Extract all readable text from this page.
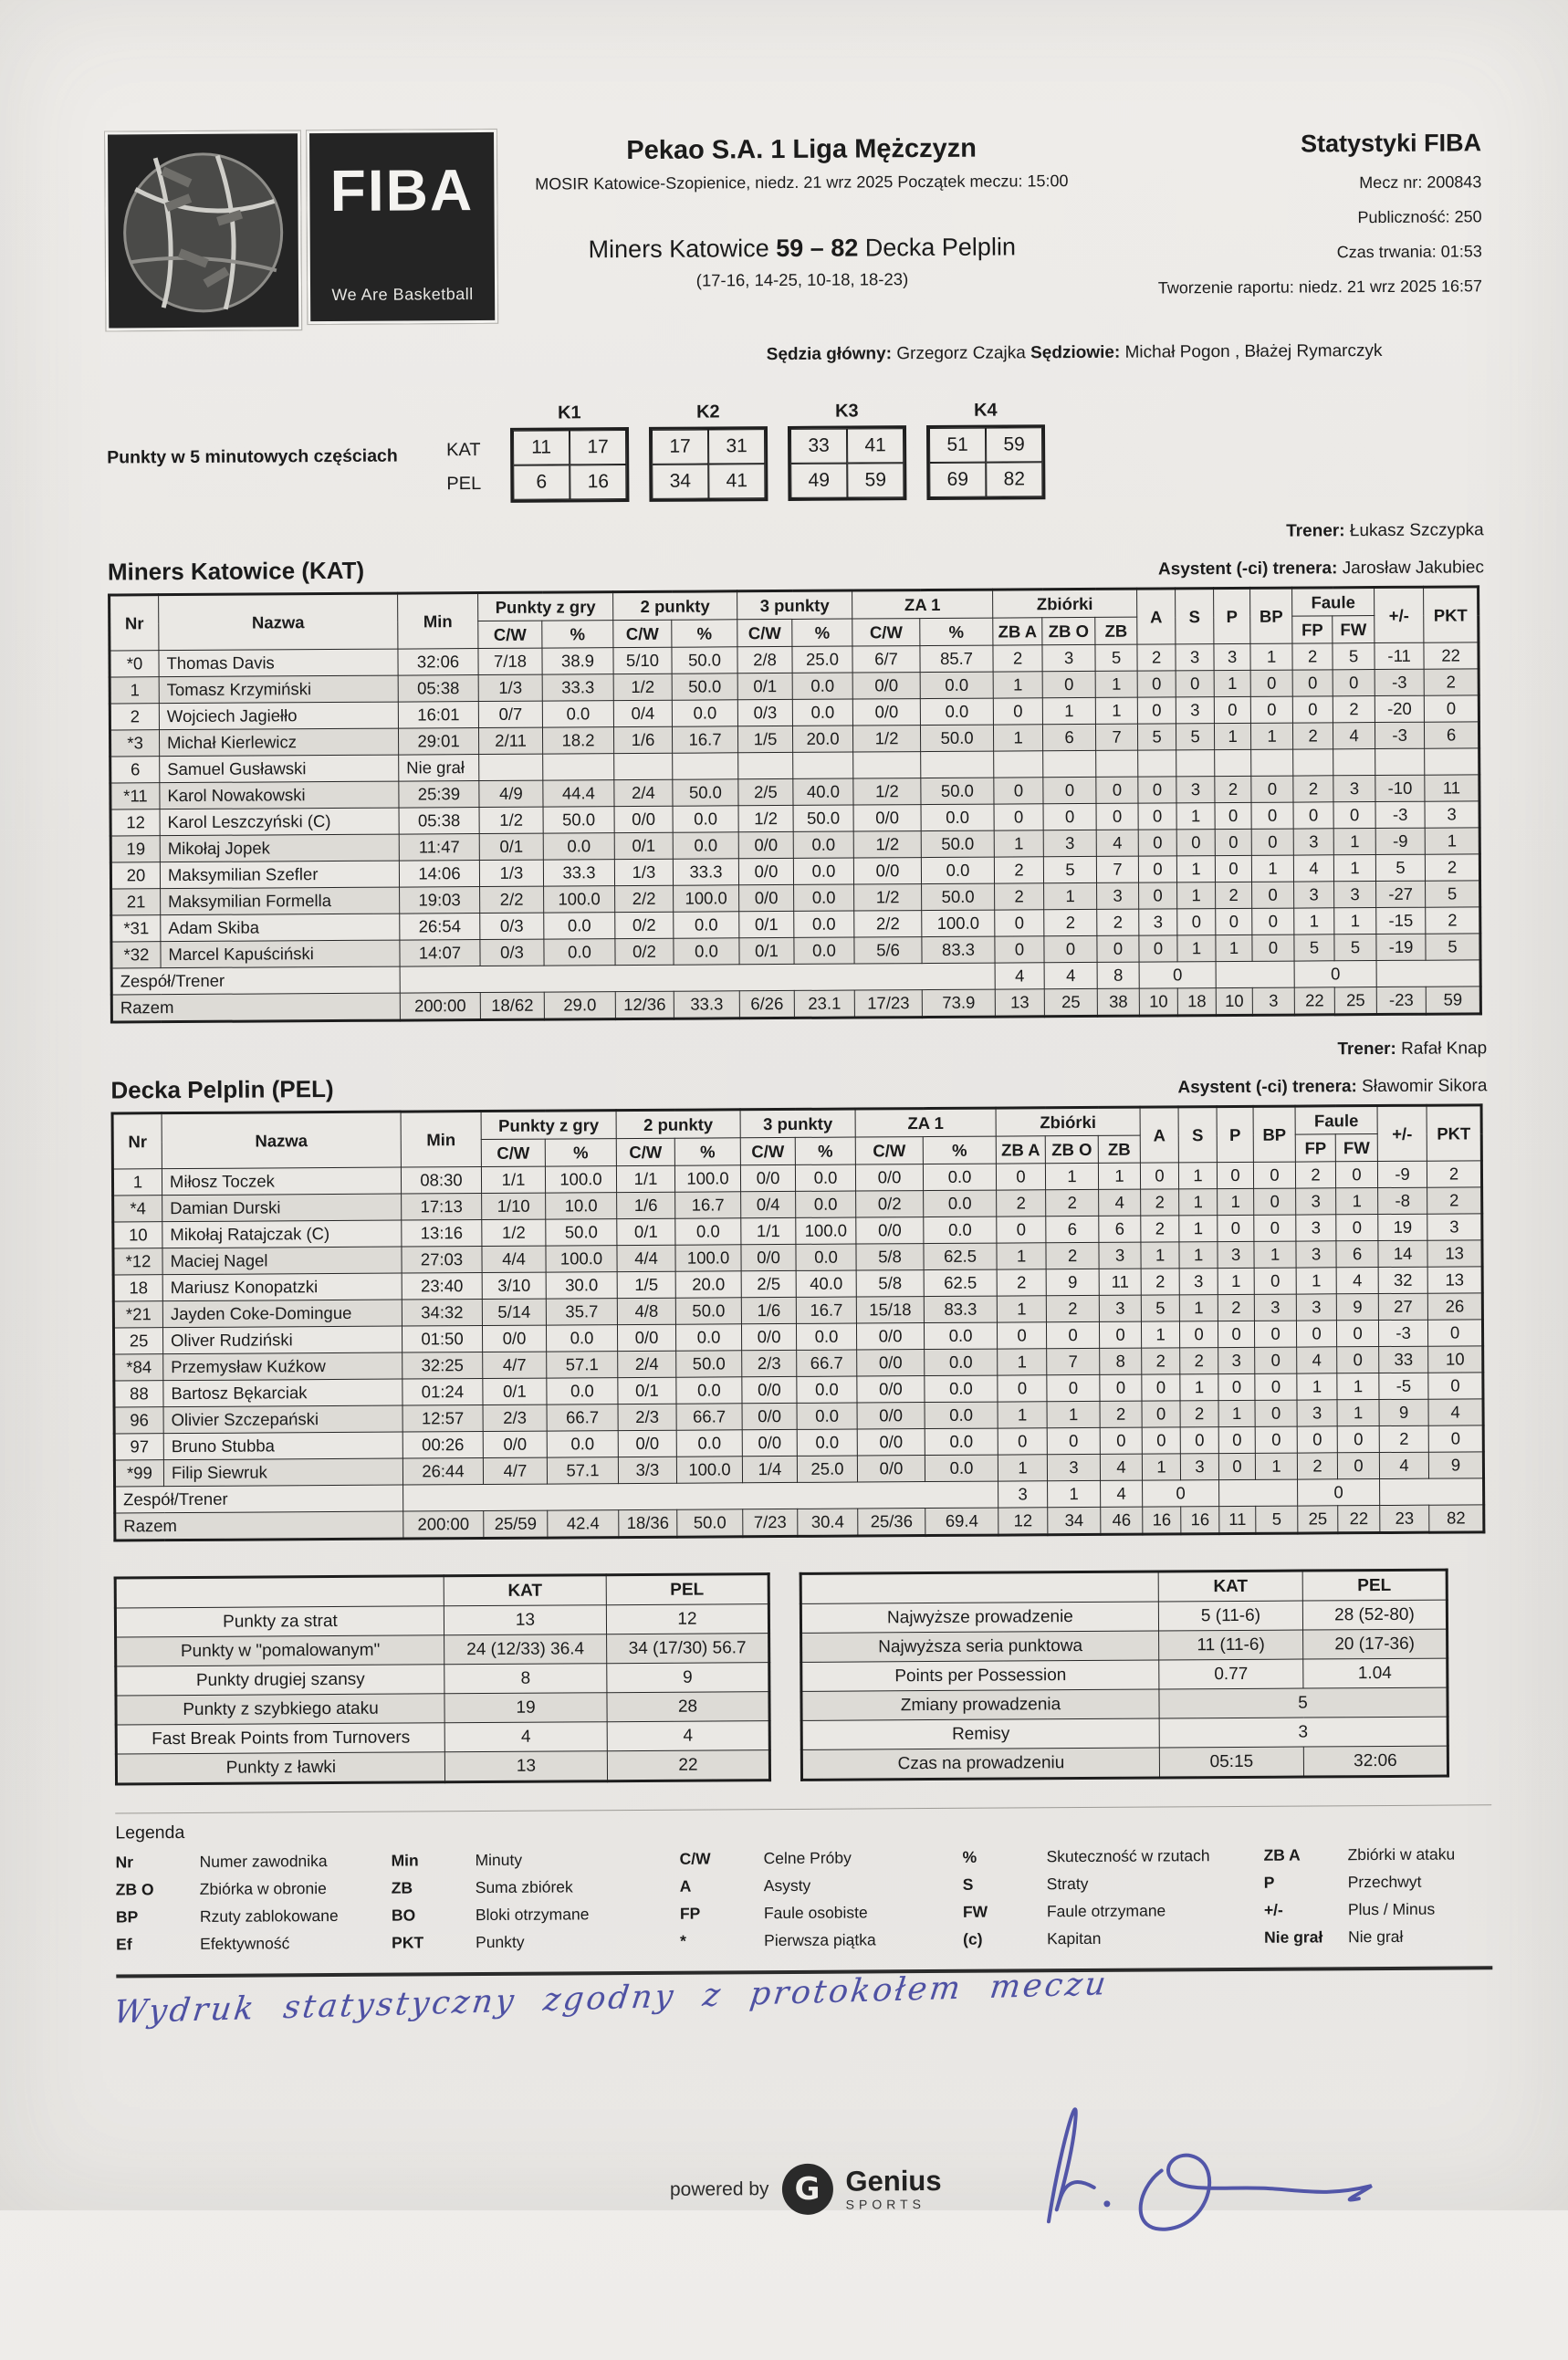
FIBA
We Are Basketball
Pekao S.A. 1 Liga Mężczyzn
MOSIR Katowice-Szopienice, niedz. 21 wrz 2025 Początek meczu: 15:00
Miners Katowice 59 – 82 Decka Pelplin
(17-16, 14-25, 10-18, 18-23)
Statystyki FIBA
Mecz nr: 200843
Publiczność: 250
Czas trwania: 01:53
Tworzenie raportu: niedz. 21 wrz 2025 16:57
Sędzia główny: Grzegorz Czajka Sędziowie: Michał Pogon , Błażej Rymarczyk
Punkty w 5 minutowych częściach	KAT
PEL
K1
11	17
6	16
K2
17	31
34	41
K3
33	41
49	59
K4
51	59
69	82
Trener: Łukasz Szczypka
Miners Katowice (KAT)	Asystent (-ci) trenera: Jarosław Jakubiec
Nr	Nazwa	Min	Punkty z gry		2 punkty		3 punkty		ZA 1		Zbiórki			A	S	P	BP	Faule		+/-	PKT
			C/W	%	C/W	%	C/W	%	C/W	%	ZB A	ZB O	ZB					FP	FW		
*0	Thomas Davis	32:06	7/18	38.9	5/10	50.0	2/8	25.0	6/7	85.7	2	3	5	2	3	3	1	2	5	-11	22
1	Tomasz Krzymiński	05:38	1/3	33.3	1/2	50.0	0/1	0.0	0/0	0.0	1	0	1	0	0	1	0	0	0	-3	2
2	Wojciech Jagiełło	16:01	0/7	0.0	0/4	0.0	0/3	0.0	0/0	0.0	0	1	1	0	3	0	0	0	2	-20	0
*3	Michał Kierlewicz	29:01	2/11	18.2	1/6	16.7	1/5	20.0	1/2	50.0	1	6	7	5	5	1	1	2	4	-3	6
6	Samuel Gusławski	Nie grał																			
*11	Karol Nowakowski	25:39	4/9	44.4	2/4	50.0	2/5	40.0	1/2	50.0	0	0	0	0	3	2	0	2	3	-10	11
12	Karol Leszczyński (C)	05:38	1/2	50.0	0/0	0.0	1/2	50.0	0/0	0.0	0	0	0	0	1	0	0	0	0	-3	3
19	Mikołaj Jopek	11:47	0/1	0.0	0/1	0.0	0/0	0.0	1/2	50.0	1	3	4	0	0	0	0	3	1	-9	1
20	Maksymilian Szefler	14:06	1/3	33.3	1/3	33.3	0/0	0.0	0/0	0.0	2	5	7	0	1	0	1	4	1	5	2
21	Maksymilian Formella	19:03	2/2	100.0	2/2	100.0	0/0	0.0	1/2	50.0	2	1	3	0	1	2	0	3	3	-27	5
*31	Adam Skiba	26:54	0/3	0.0	0/2	0.0	0/1	0.0	2/2	100.0	0	2	2	3	0	0	0	1	1	-15	2
*32	Marcel Kapuściński	14:07	0/3	0.0	0/2	0.0	0/1	0.0	5/6	83.3	0	0	0	0	1	1	0	5	5	-19	5
Zespół/Trener											4	4	8	0				0			
Razem		200:00	18/62	29.0	12/36	33.3	6/26	23.1	17/23	73.9	13	25	38	10	18	10	3	22	25	-23	59
Trener: Rafał Knap
Decka Pelplin (PEL)	Asystent (-ci) trenera: Sławomir Sikora
Nr	Nazwa	Min	Punkty z gry		2 punkty		3 punkty		ZA 1		Zbiórki			A	S	P	BP	Faule		+/-	PKT
			C/W	%	C/W	%	C/W	%	C/W	%	ZB A	ZB O	ZB					FP	FW		
1	Miłosz Toczek	08:30	1/1	100.0	1/1	100.0	0/0	0.0	0/0	0.0	0	1	1	0	1	0	0	2	0	-9	2
*4	Damian Durski	17:13	1/10	10.0	1/6	16.7	0/4	0.0	0/2	0.0	2	2	4	2	1	1	0	3	1	-8	2
10	Mikołaj Ratajczak (C)	13:16	1/2	50.0	0/1	0.0	1/1	100.0	0/0	0.0	0	6	6	2	1	0	0	3	0	19	3
*12	Maciej Nagel	27:03	4/4	100.0	4/4	100.0	0/0	0.0	5/8	62.5	1	2	3	1	1	3	1	3	6	14	13
18	Mariusz Konopatzki	23:40	3/10	30.0	1/5	20.0	2/5	40.0	5/8	62.5	2	9	11	2	3	1	0	1	4	32	13
*21	Jayden Coke-Domingue	34:32	5/14	35.7	4/8	50.0	1/6	16.7	15/18	83.3	1	2	3	5	1	2	3	3	9	27	26
25	Oliver Rudziński	01:50	0/0	0.0	0/0	0.0	0/0	0.0	0/0	0.0	0	0	0	1	0	0	0	0	0	-3	0
*84	Przemysław Kuźkow	32:25	4/7	57.1	2/4	50.0	2/3	66.7	0/0	0.0	1	7	8	2	2	3	0	4	0	33	10
88	Bartosz Bękarciak	01:24	0/1	0.0	0/1	0.0	0/0	0.0	0/0	0.0	0	0	0	0	1	0	0	1	1	-5	0
96	Olivier Szczepański	12:57	2/3	66.7	2/3	66.7	0/0	0.0	0/0	0.0	1	1	2	0	2	1	0	3	1	9	4
97	Bruno Stubba	00:26	0/0	0.0	0/0	0.0	0/0	0.0	0/0	0.0	0	0	0	0	0	0	0	0	0	2	0
*99	Filip Siewruk	26:44	4/7	57.1	3/3	100.0	1/4	25.0	0/0	0.0	1	3	4	1	3	0	1	2	0	4	9
Zespół/Trener											3	1	4	0				0			
Razem		200:00	25/59	42.4	18/36	50.0	7/23	30.4	25/36	69.4	12	34	46	16	16	11	5	25	22	23	82
	KAT	PEL
Punkty za strat	13	12
Punkty w "pomalowanym"	24 (12/33) 36.4	34 (17/30) 56.7
Punkty drugiej szansy	8	9
Punkty z szybkiego ataku	19	28
Fast Break Points from Turnovers	4	4
Punkty z ławki	13	22
	KAT	PEL
Najwyższe prowadzenie	5 (11-6)	28 (52-80)
Najwyższa seria punktowa	11 (11-6)	20 (17-36)
Points per Possession	0.77	1.04
Zmiany prowadzenia	5	
Remisy	3	
Czas na prowadzeniu	05:15	32:06
Legenda
Nr	Numer zawodnika
ZB O	Zbiórka w obronie
BP	Rzuty zablokowane
Ef	Efektywność
Min	Minuty
ZB	Suma zbiórek
BO	Bloki otrzymane
PKT	Punkty
C/W	Celne Próby
A	Asysty
FP	Faule osobiste
*	Pierwsza piątka
%	Skuteczność w rzutach
S	Straty
FW	Faule otrzymane
(c)	Kapitan
ZB A	Zbiórki w ataku
P	Przechwyt
+/-	Plus / Minus
Nie grał	Nie grał
Wydruk statystyczny zgodny z protokołem meczu
powered by G Genius
SPORTS
